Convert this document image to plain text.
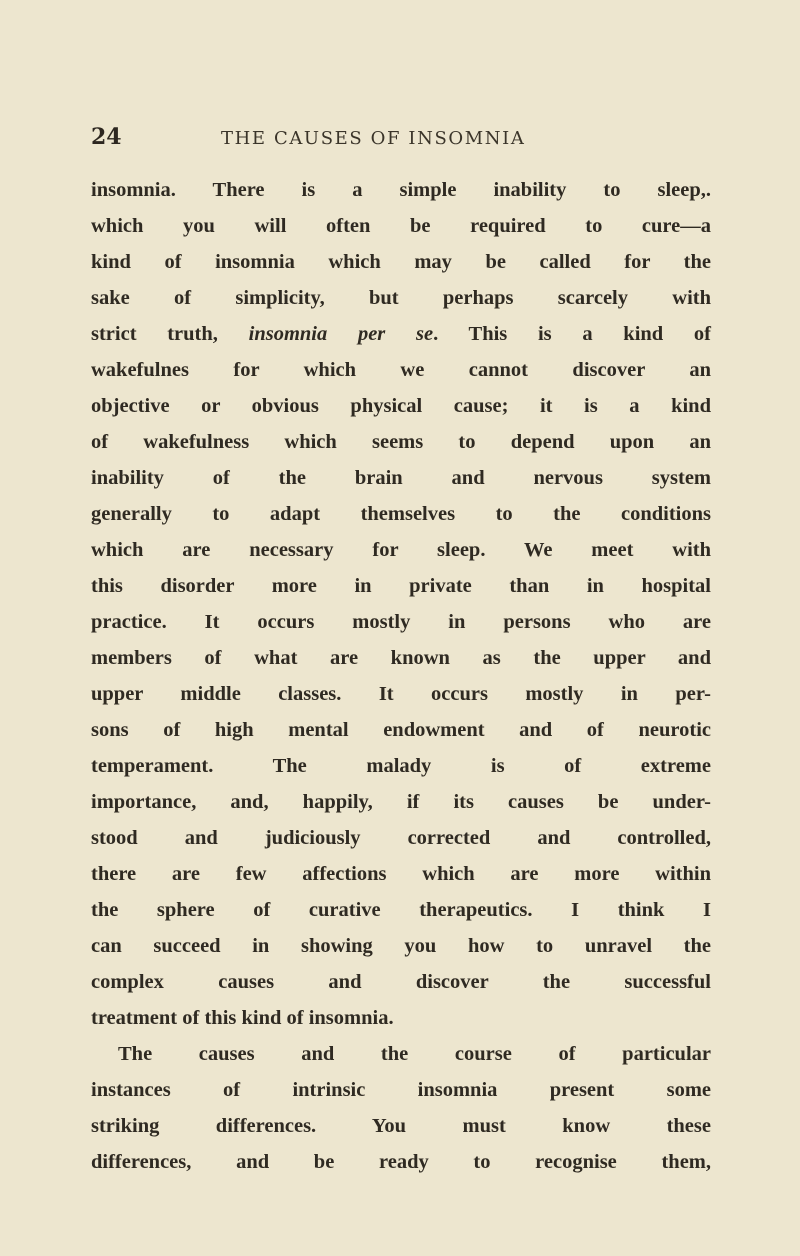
24	THE CAUSES OF INSOMNIA
insomnia. There is a simple inability to sleep,.
which you will often be required to cure—a
kind of insomnia which may be called for the
sake of simplicity, but perhaps scarcely with
strict truth, insomnia per se. This is a kind of
wakefulnes for which we cannot discover an
objective or obvious physical cause; it is a kind
of wakefulness which seems to depend upon an
inability of the brain and nervous system
generally to adapt themselves to the conditions
which are necessary for sleep. We meet with
this disorder more in private than in hospital
practice. It occurs mostly in persons who are
members of what are known as the upper and
upper middle classes. It occurs mostly in per-
sons of high mental endowment and of neurotic
temperament. The malady is of extreme
importance, and, happily, if its causes be under-
stood and judiciously corrected and controlled,
there are few affections which are more within
the sphere of curative therapeutics. I think I
can succeed in showing you how to unravel the
complex causes and discover the successful
treatment of this kind of insomnia.
The causes and the course of particular
instances of intrinsic insomnia present some
striking differences. You must know these
differences, and be ready to recognise them,
